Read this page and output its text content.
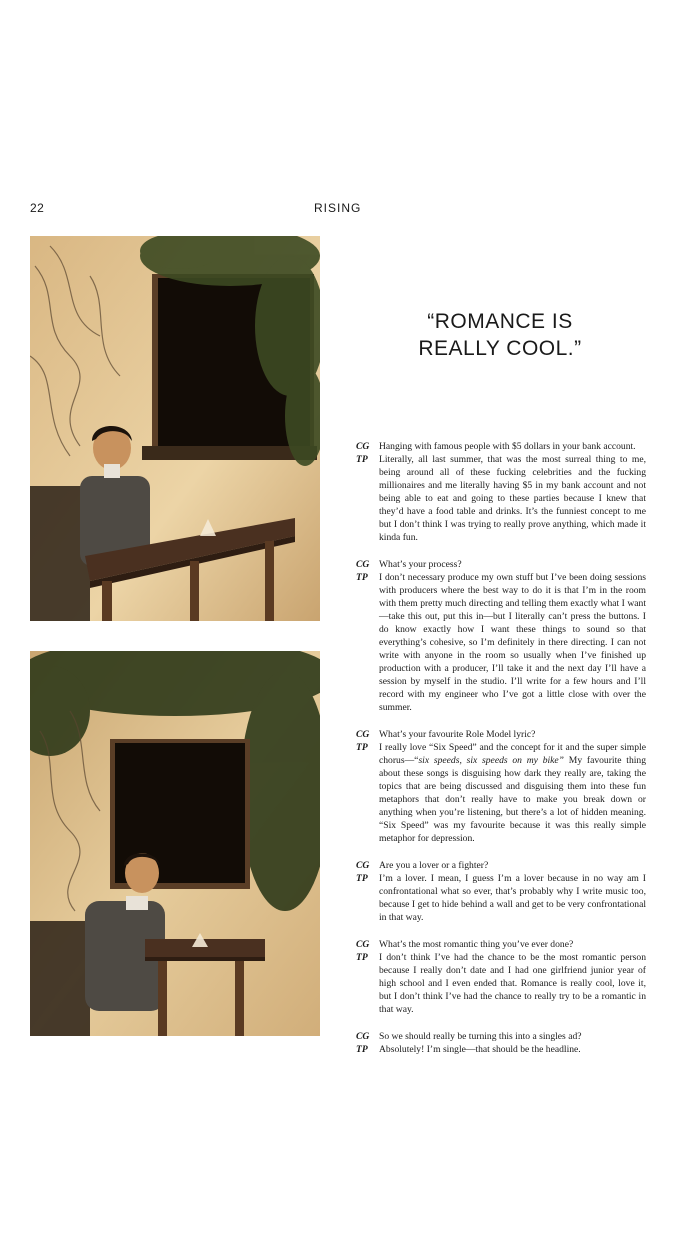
22	RISING
“ROMANCE IS
REALLY COOL.”
CG	Hanging with famous people with $5 dollars in your bank account.
TP	Literally, all last summer, that was the most surreal thing to me, being around all of these fucking celebrities and the fucking millionaires and me literally having $5 in my bank account and not being able to eat and going to these parties because I knew that they’d have a food table and drinks. It’s the funniest concept to me but I don’t think I was trying to really prove anything, which made it kinda fun.
CG	What’s your process?
TP	I don’t necessary produce my own stuff but I’ve been doing sessions with producers where the best way to do it is that I’m in the room with them pretty much directing and telling them exactly what I want—take this out, put this in—but I literally can’t press the buttons. I do know exactly how I want these things to sound so that everything’s cohesive, so I’m definitely in there directing. I can not write with anyone in the room so usually when I’ve finished up production with a producer, I’ll take it and the next day I’ll have a session by myself in the studio. I’ll write for a few hours and I’ll record with my engineer who I’ve got a little close with over the summer.
CG	What’s your favourite Role Model lyric?
TP	I really love “Six Speed” and the concept for it and the super simple chorus—“six speeds, six speeds on my bike” My favourite thing about these songs is disguising how dark they really are, taking the topics that are being discussed and disguising them into these fun metaphors that don’t really have to make you break down or anything when you’re listening, but there’s a lot of hidden meaning. “Six Speed” was my favourite because it was this really simple metaphor for depression.
CG	Are you a lover or a fighter?
TP	I’m a lover. I mean, I guess I’m a lover because in no way am I confrontational what so ever, that’s probably why I write music too, because I get to hide behind a wall and get to be very confrontational in that way.
CG	What’s the most romantic thing you’ve ever done?
TP	I don’t think I’ve had the chance to be the most romantic person because I really don’t date and I had one girlfriend junior year of high school and I even ended that. Romance is really cool, love it, but I don’t think I’ve had the chance to really try to be a romantic in that way.
CG	So we should really be turning this into a singles ad?
TP	Absolutely! I’m single—that should be the headline.
